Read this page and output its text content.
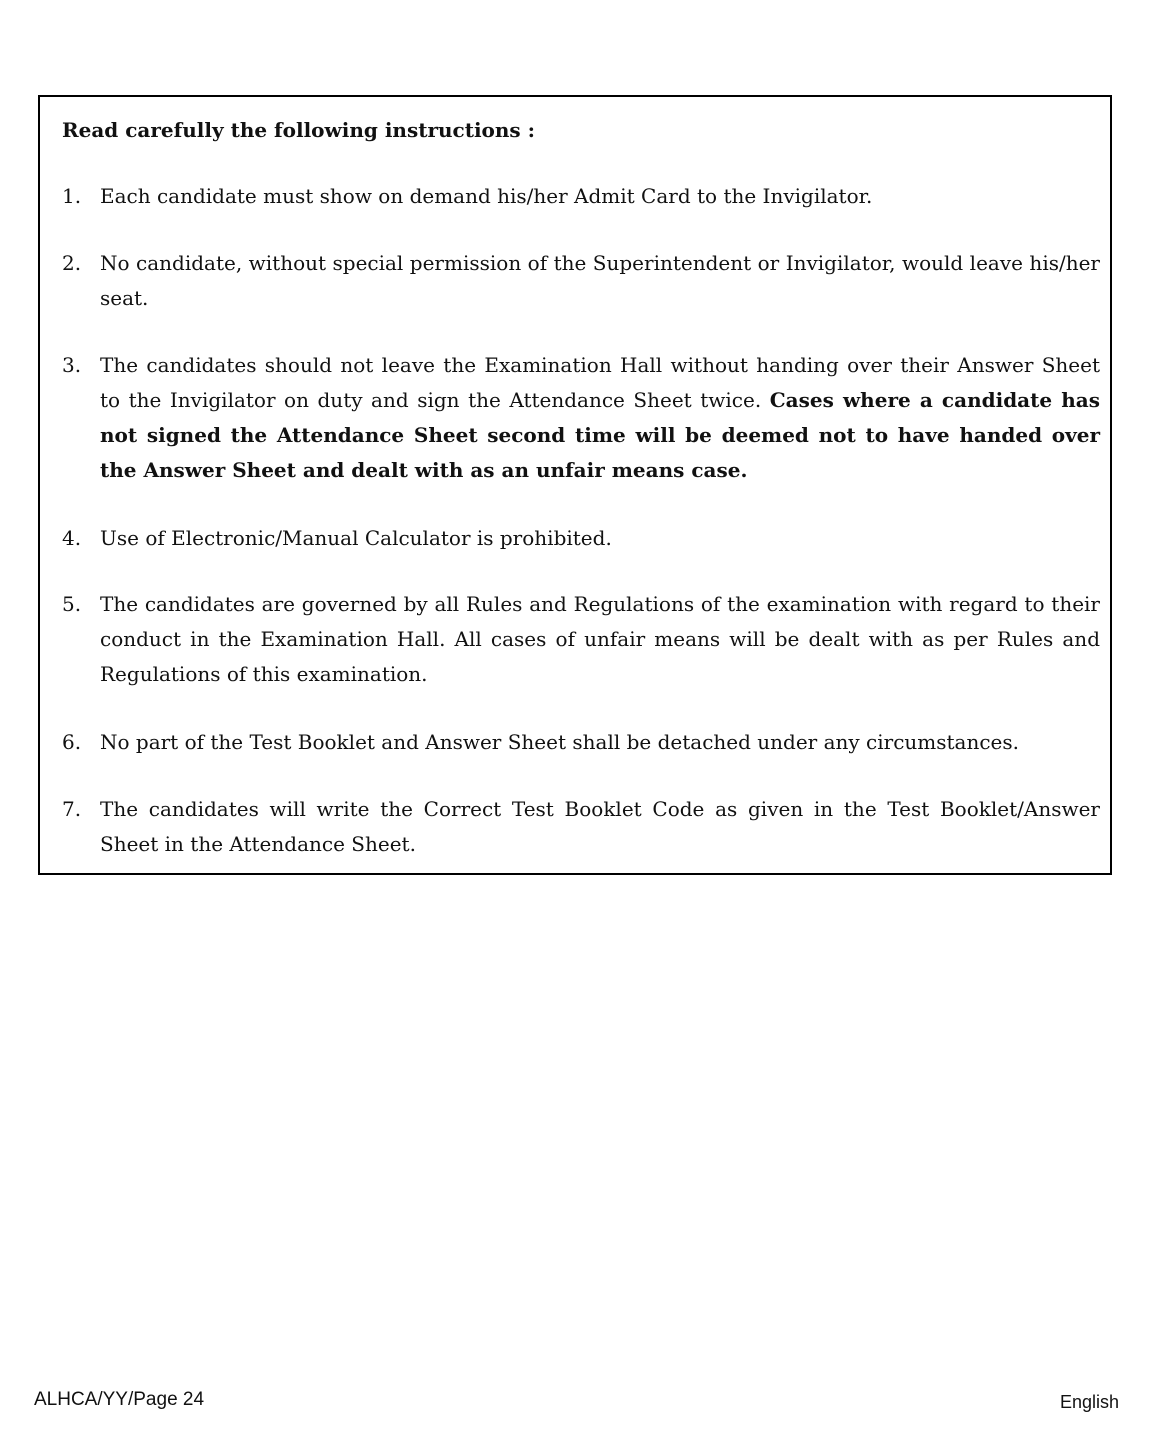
Read carefully the following instructions :
1. Each candidate must show on demand his/her Admit Card to the Invigilator.
2. No candidate, without special permission of the Superintendent or Invigilator, would leave his/her seat.
3. The candidates should not leave the Examination Hall without handing over their Answer Sheet to the Invigilator on duty and sign the Attendance Sheet twice. Cases where a candidate has not signed the Attendance Sheet second time will be deemed not to have handed over the Answer Sheet and dealt with as an unfair means case.
4. Use of Electronic/Manual Calculator is prohibited.
5. The candidates are governed by all Rules and Regulations of the examination with regard to their conduct in the Examination Hall. All cases of unfair means will be dealt with as per Rules and Regulations of this examination.
6. No part of the Test Booklet and Answer Sheet shall be detached under any circumstances.
7. The candidates will write the Correct Test Booklet Code as given in the Test Booklet/Answer Sheet in the Attendance Sheet.
ALHCA/YY/Page 24	English
